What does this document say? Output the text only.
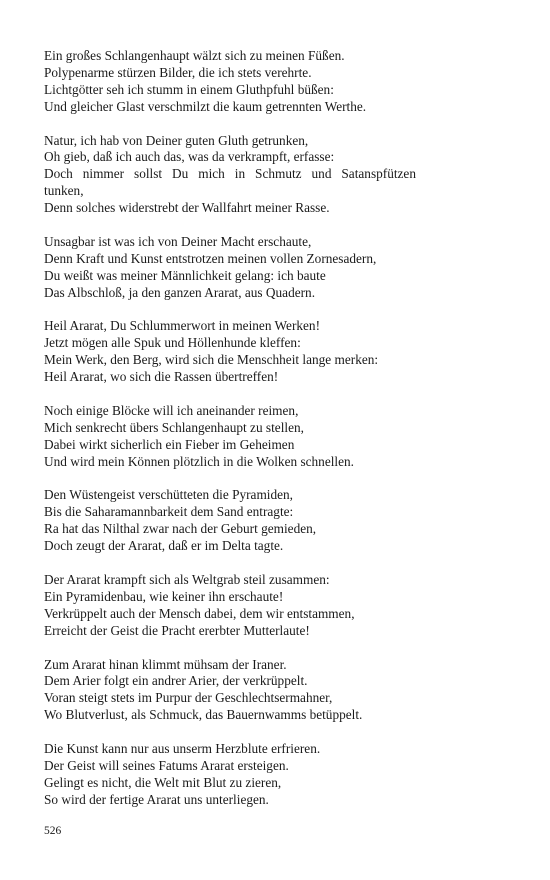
Ein großes Schlangenhaupt wälzt sich zu meinen Füßen.
Polypenarme stürzen Bilder, die ich stets verehrte.
Lichtgötter seh ich stumm in einem Gluthpfuhl büßen:
Und gleicher Glast verschmilzt die kaum getrennten Werthe.
Natur, ich hab von Deiner guten Gluth getrunken,
Oh gieb, daß ich auch das, was da verkrampft, erfasse:
Doch nimmer sollst Du mich in Schmutz und Satanspfützen
tunken,
Denn solches widerstrebt der Wallfahrt meiner Rasse.
Unsagbar ist was ich von Deiner Macht erschaute,
Denn Kraft und Kunst entstrotzen meinen vollen Zornesadern,
Du weißt was meiner Männlichkeit gelang: ich baute
Das Albschloß, ja den ganzen Ararat, aus Quadern.
Heil Ararat, Du Schlummerwort in meinen Werken!
Jetzt mögen alle Spuk und Höllenhunde kleffen:
Mein Werk, den Berg, wird sich die Menschheit lange merken:
Heil Ararat, wo sich die Rassen übertreffen!
Noch einige Blöcke will ich aneinander reimen,
Mich senkrecht übers Schlangenhaupt zu stellen,
Dabei wirkt sicherlich ein Fieber im Geheimen
Und wird mein Können plötzlich in die Wolken schnellen.
Den Wüstengeist verschütteten die Pyramiden,
Bis die Saharamannbarkeit dem Sand entragte:
Ra hat das Nilthal zwar nach der Geburt gemieden,
Doch zeugt der Ararat, daß er im Delta tagte.
Der Ararat krampft sich als Weltgrab steil zusammen:
Ein Pyramidenbau, wie keiner ihn erschaute!
Verkrüppelt auch der Mensch dabei, dem wir entstammen,
Erreicht der Geist die Pracht ererbter Mutterlaute!
Zum Ararat hinan klimmt mühsam der Iraner.
Dem Arier folgt ein andrer Arier, der verkrüppelt.
Voran steigt stets im Purpur der Geschlechtsermahner,
Wo Blutverlust, als Schmuck, das Bauernwamms betüppelt.
Die Kunst kann nur aus unserm Herzblute erfrieren.
Der Geist will seines Fatums Ararat ersteigen.
Gelingt es nicht, die Welt mit Blut zu zieren,
So wird der fertige Ararat uns unterliegen.
526
